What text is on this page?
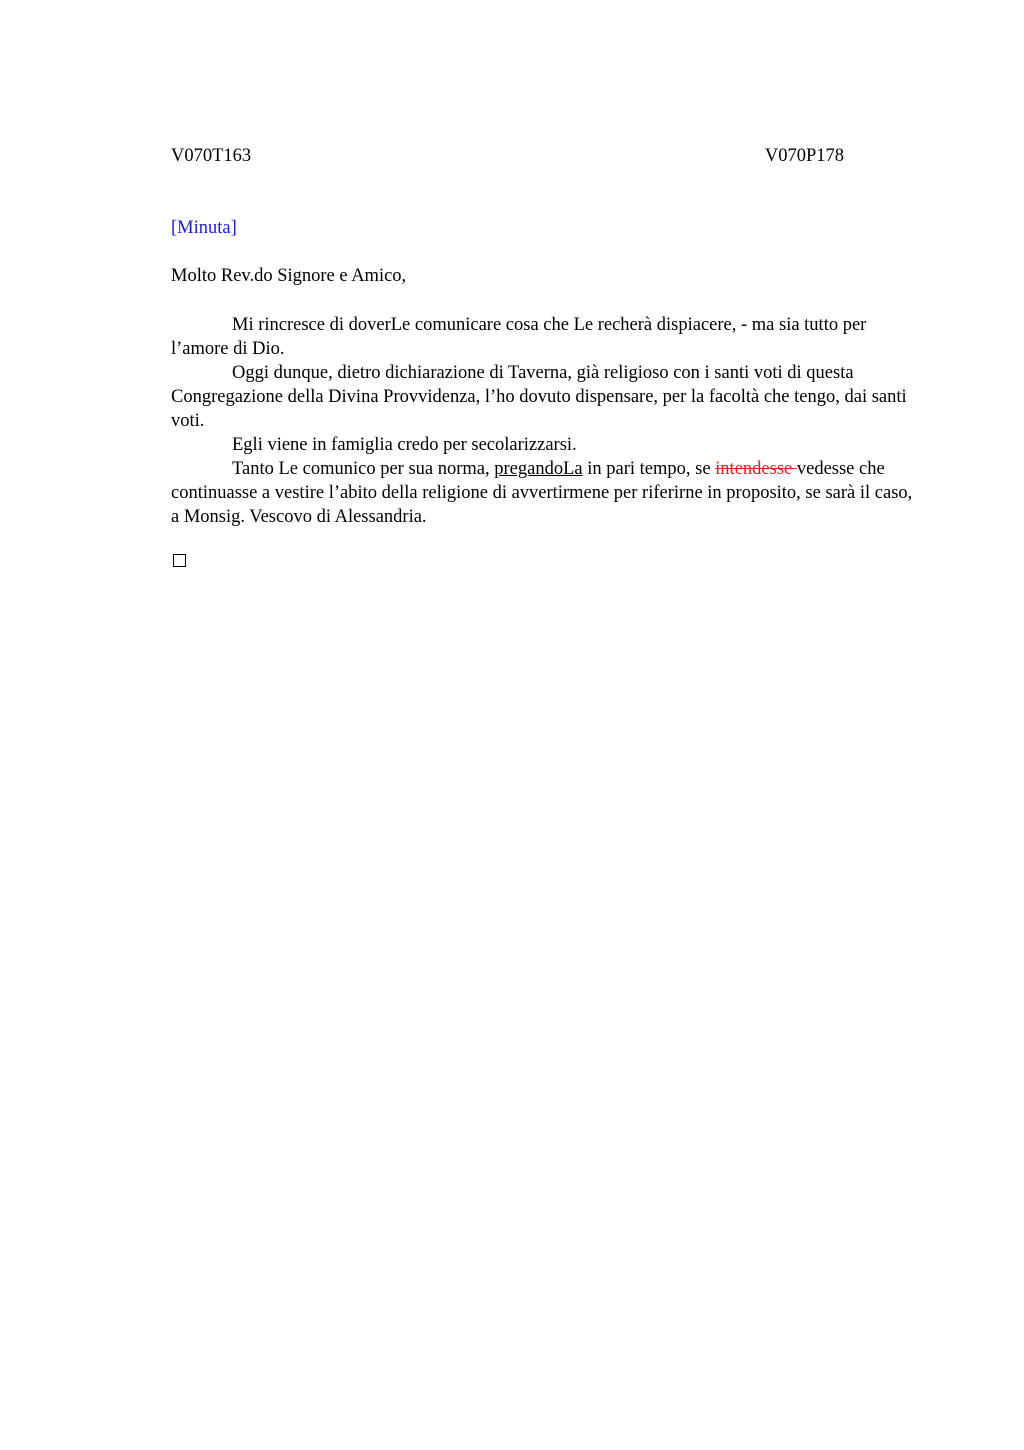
V070T163	V070P178
[Minuta]
Molto Rev.do Signore e Amico,

Mi rincresce di doverLe comunicare cosa che Le recherà dispiacere, - ma sia tutto per l’amore di Dio.

Oggi dunque, dietro dichiarazione di Taverna, già religioso con i santi voti di questa Congregazione della Divina Provvidenza, l’ho dovuto dispensare, per la facoltà che tengo, dai santi voti.

Egli viene in famiglia credo per secolarizzarsi.

Tanto Le comunico per sua norma, pregandoLa in pari tempo, se intendesse vedesse che continuasse a vestire l’abito della religione di avvertirmene per riferirne in proposito, se sarà il caso, a Monsig. Vescovo di Alessandria.
